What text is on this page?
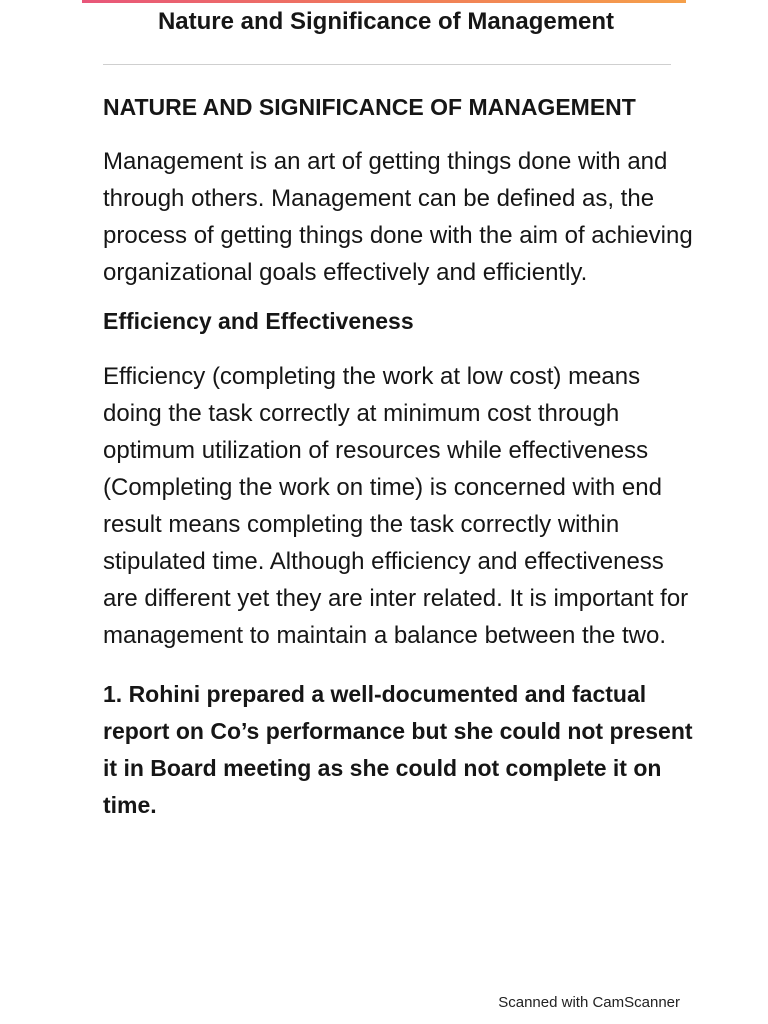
Nature and Significance of Management
NATURE AND SIGNIFICANCE OF MANAGEMENT

Management is an art of getting things done with and through others. Management can be defined as, the process of getting things done with the aim of achieving organizational goals effectively and efficiently.

Efficiency and Effectiveness

Efficiency (completing the work at low cost) means doing the task correctly at minimum cost through optimum utilization of resources while effectiveness (Completing the work on time) is concerned with end result means completing the task correctly within stipulated time. Although efficiency and effectiveness are different yet they are inter related. It is important for management to maintain a balance between the two.

1. Rohini prepared a well-documented and factual report on Co’s performance but she could not present it in Board meeting as she could not complete it on time.

Scanned with CamScanner
